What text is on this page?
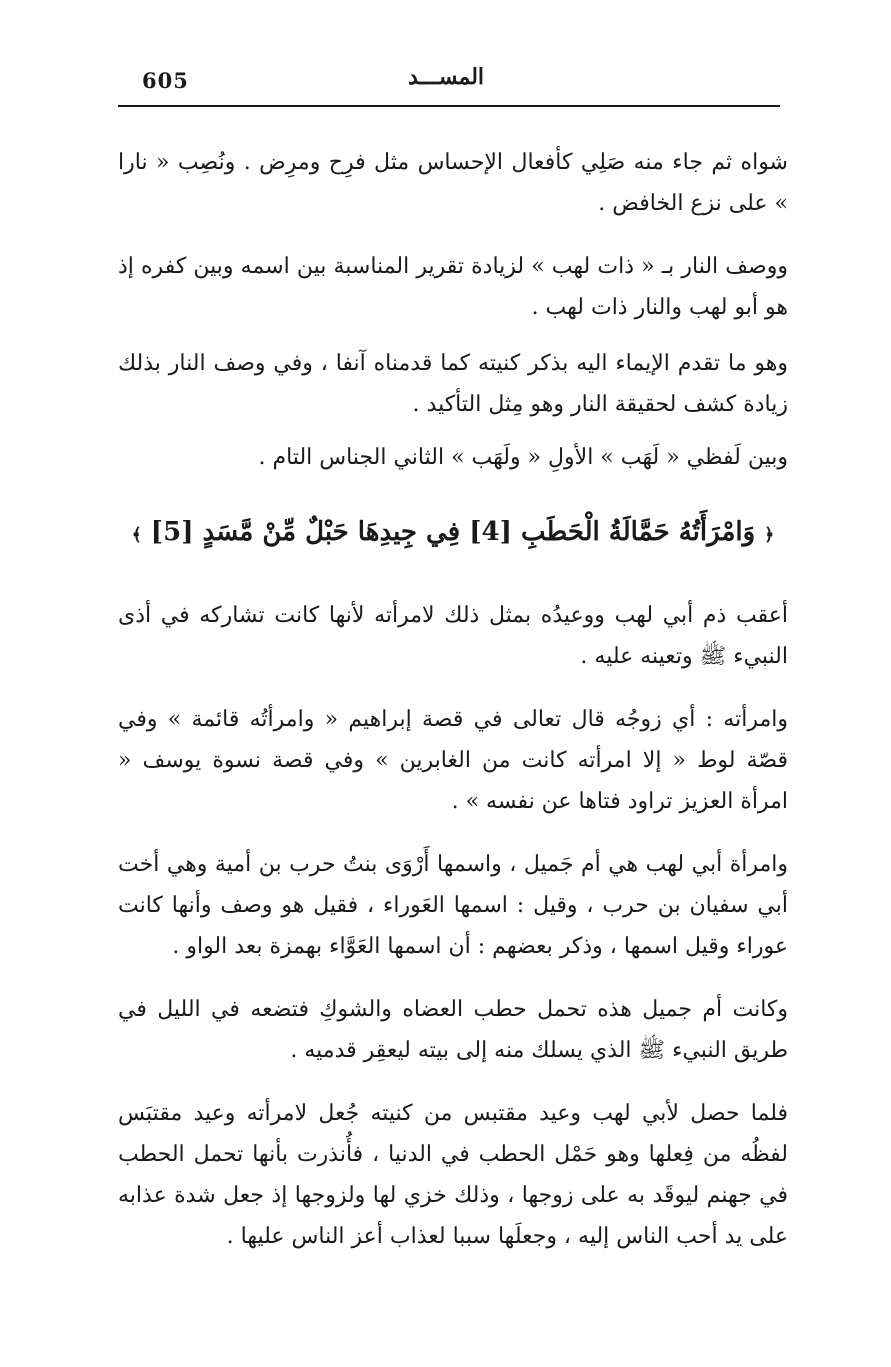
605	المســـد

شواه ثم جاء منه صَلِي كأفعال الإحساس مثل فرِح ومرِض . ونُصِب « نارا » على نزع الخافض .

ووصف النار بـ « ذات لهب » لزيادة تقرير المناسبة بين اسمه وبين كفره إذ هو أبو لهب والنار ذات لهب .

وهو ما تقدم الإيماء اليه بذكر كنيته كما قدمناه آنفا ، وفي وصف النار بذلك زيادة كشف لحقيقة النار وهو مِثل التأكيد .

وبين لَفظي « لَهَب » الأولِ « ولَهَب » الثاني الجناس التام .

﴿ وَامْرَأَتُهُ حَمَّالَةُ الْحَطَبِ [4] فِي جِيدِهَا حَبْلٌ مِّنْ مَّسَدٍ [5] ﴾

أعقب ذم أبي لهب ووعيدُه بمثل ذلك لامرأته لأنها كانت تشاركه في أذى النبيء ﷺ وتعينه عليه .

وامرأته : أي زوجُه قال تعالى في قصة إبراهيم « وامرأتُه قائمة » وفي قصّة لوط « إلا امرأته كانت من الغابرين » وفي قصة نسوة يوسف « امرأة العزيز تراود فتاها عن نفسه » .

وامرأة أبي لهب هي أم جَميل ، واسمها أَرْوَى بنتُ حرب بن أمية وهي أخت أبي سفيان بن حرب ، وقيل : اسمها العَوراء ، فقيل هو وصف وأنها كانت عوراء وقيل اسمها ، وذكر بعضهم : أن اسمها العَوَّاء بهمزة بعد الواو .

وكانت أم جميل هذه تحمل حطب العضاه والشوكِ فتضعه في الليل في طريق النبيء ﷺ الذي يسلك منه إلى بيته ليعقِر قدميه .

فلما حصل لأبي لهب وعيد مقتبس من كنيته جُعل لامرأته وعيد مقتبَس لفظُه من فِعلها وهو حَمْل الحطب في الدنيا ، فأُنذرت بأنها تحمل الحطب في جهنم ليوقَد به على زوجها ، وذلك خزي لها ولزوجها إذ جعل شدة عذابه على يد أحب الناس إليه ، وجعلَها سببا لعذاب أعز الناس عليها .
